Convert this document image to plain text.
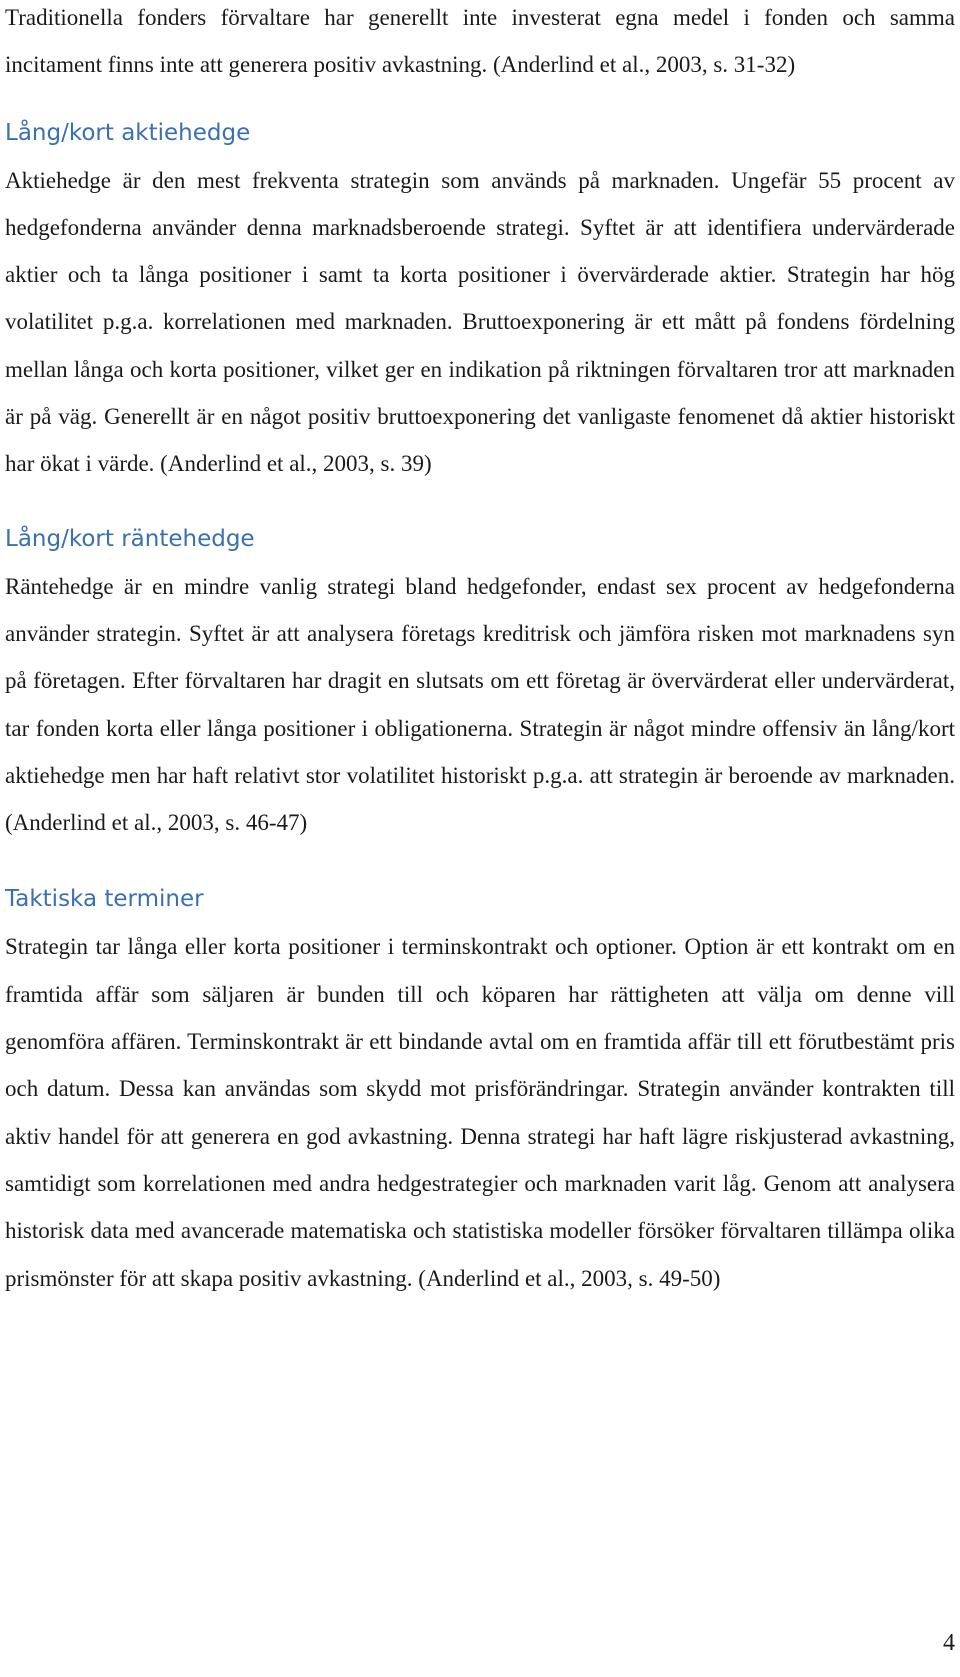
Traditionella fonders förvaltare har generellt inte investerat egna medel i fonden och samma incitament finns inte att generera positiv avkastning. (Anderlind et al., 2003, s. 31-32)

Lång/kort aktiehedge

Aktiehedge är den mest frekventa strategin som används på marknaden. Ungefär 55 procent av hedgefonderna använder denna marknadsberoende strategi. Syftet är att identifiera undervärderade aktier och ta långa positioner i samt ta korta positioner i övervärderade aktier. Strategin har hög volatilitet p.g.a. korrelationen med marknaden. Bruttoexponering är ett mått på fondens fördelning mellan långa och korta positioner, vilket ger en indikation på riktningen förvaltaren tror att marknaden är på väg. Generellt är en något positiv bruttoexponering det vanligaste fenomenet då aktier historiskt har ökat i värde. (Anderlind et al., 2003, s. 39)

Lång/kort räntehedge

Räntehedge är en mindre vanlig strategi bland hedgefonder, endast sex procent av hedgefonderna använder strategin. Syftet är att analysera företags kreditrisk och jämföra risken mot marknadens syn på företagen. Efter förvaltaren har dragit en slutsats om ett företag är övervärderat eller undervärderat, tar fonden korta eller långa positioner i obligationerna. Strategin är något mindre offensiv än lång/kort aktiehedge men har haft relativt stor volatilitet historiskt p.g.a. att strategin är beroende av marknaden. (Anderlind et al., 2003, s. 46-47)

Taktiska terminer

Strategin tar långa eller korta positioner i terminskontrakt och optioner. Option är ett kontrakt om en framtida affär som säljaren är bunden till och köparen har rättigheten att välja om denne vill genomföra affären. Terminskontrakt är ett bindande avtal om en framtida affär till ett förutbestämt pris och datum. Dessa kan användas som skydd mot prisförändringar. Strategin använder kontrakten till aktiv handel för att generera en god avkastning. Denna strategi har haft lägre riskjusterad avkastning, samtidigt som korrelationen med andra hedgestrategier och marknaden varit låg. Genom att analysera historisk data med avancerade matematiska och statistiska modeller försöker förvaltaren tillämpa olika prismönster för att skapa positiv avkastning. (Anderlind et al., 2003, s. 49-50)

4
